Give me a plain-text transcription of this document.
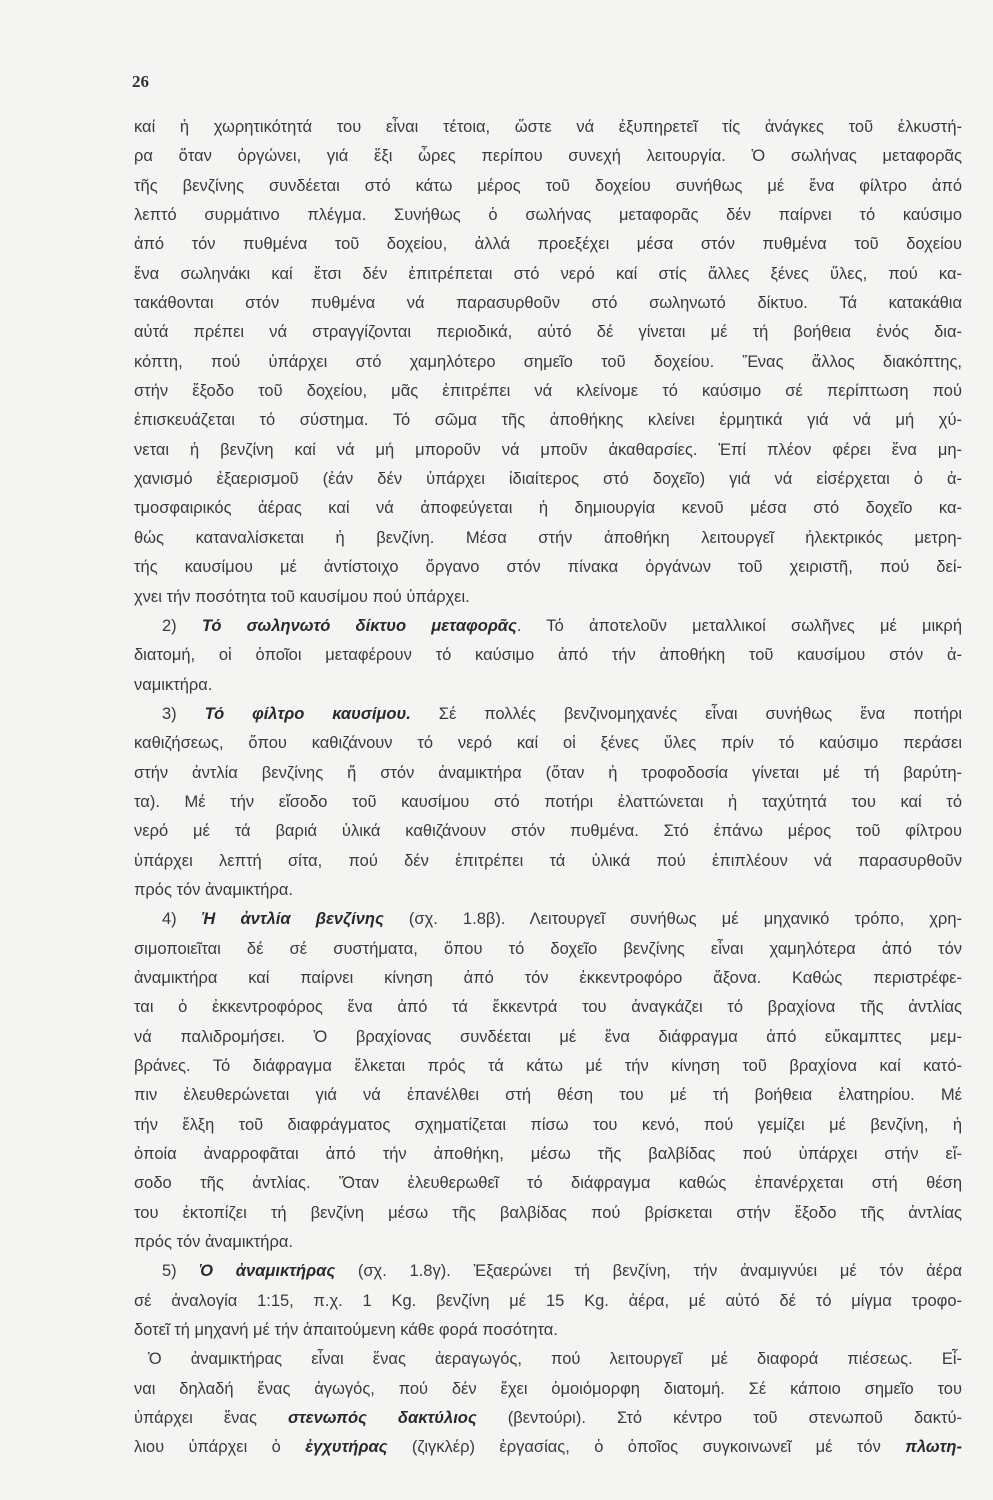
26
καί ἡ χωρητικότητά του εἶναι τέτοια, ὥστε νά ἐξυπηρετεῖ τίς ἀνάγκες τοῦ ἑλκυστή-
ρα ὅταν ὀργώνει, γιά ἕξι ὧρες περίπου συνεχή λειτουργία. Ὁ σωλήνας μεταφορᾶς
τῆς βενζίνης συνδέεται στό κάτω μέρος τοῦ δοχείου συνήθως μέ ἕνα φίλτρο ἀπό
λεπτό συρμάτινο πλέγμα. Συνήθως ὁ σωλήνας μεταφορᾶς δέν παίρνει τό καύσιμο
ἀπό τόν πυθμένα τοῦ δοχείου, ἀλλά προεξέχει μέσα στόν πυθμένα τοῦ δοχείου
ἕνα σωληνάκι καί ἔτσι δέν ἐπιτρέπεται στό νερό καί στίς ἄλλες ξένες ὕλες, πού κα-
τακάθονται στόν πυθμένα νά παρασυρθοῦν στό σωληνωτό δίκτυο. Τά κατακάθια
αὐτά πρέπει νά στραγγίζονται περιοδικά, αὐτό δέ γίνεται μέ τή βοήθεια ἑνός δια-
κόπτη, πού ὑπάρχει στό χαμηλότερο σημεῖο τοῦ δοχείου. Ἕνας ἄλλος διακόπτης,
στήν ἔξοδο τοῦ δοχείου, μᾶς ἐπιτρέπει νά κλείνομε τό καύσιμο σέ περίπτωση πού
ἐπισκευάζεται τό σύστημα. Τό σῶμα τῆς ἀποθήκης κλείνει ἑρμητικά γιά νά μή χύ-
νεται ἡ βενζίνη καί νά μή μποροῦν νά μποῦν ἀκαθαρσίες. Ἐπί πλέον φέρει ἕνα μη-
χανισμό ἐξαερισμοῦ (ἐάν δέν ὑπάρχει ἰδιαίτερος στό δοχεῖο) γιά νά εἰσέρχεται ὁ ἀ-
τμοσφαιρικός ἀέρας καί νά ἀποφεύγεται ἡ δημιουργία κενοῦ μέσα στό δοχεῖο κα-
θώς καταναλίσκεται ἡ βενζίνη. Μέσα στήν ἀποθήκη λειτουργεῖ ἠλεκτρικός μετρη-
τής καυσίμου μέ ἀντίστοιχο ὄργανο στόν πίνακα ὀργάνων τοῦ χειριστῆ, πού δεί-
χνει τήν ποσότητα τοῦ καυσίμου πού ὑπάρχει.
2) Τό σωληνωτό δίκτυο μεταφορᾶς. Τό ἀποτελοῦν μεταλλικοί σωλῆνες μέ μικρή
διατομή, οἱ ὁποῖοι μεταφέρουν τό καύσιμο ἀπό τήν ἀποθήκη τοῦ καυσίμου στόν ἀ-
ναμικτήρα.
3) Τό φίλτρο καυσίμου. Σέ πολλές βενζινομηχανές εἶναι συνήθως ἕνα ποτήρι
καθιζήσεως, ὅπου καθιζάνουν τό νερό καί οἱ ξένες ὕλες πρίν τό καύσιμο περάσει
στήν ἀντλία βενζίνης ἤ στόν ἀναμικτήρα (ὅταν ἡ τροφοδοσία γίνεται μέ τή βαρύτη-
τα). Μέ τήν εἴσοδο τοῦ καυσίμου στό ποτήρι ἐλαττώνεται ἡ ταχύτητά του καί τό
νερό μέ τά βαριά ὑλικά καθιζάνουν στόν πυθμένα. Στό ἐπάνω μέρος τοῦ φίλτρου
ὑπάρχει λεπτή σίτα, πού δέν ἐπιτρέπει τά ὑλικά πού ἐπιπλέουν νά παρασυρθοῦν
πρός τόν ἀναμικτήρα.
4) Ἡ ἀντλία βενζίνης (σχ. 1.8β). Λειτουργεῖ συνήθως μέ μηχανικό τρόπο, χρη-
σιμοποιεῖται δέ σέ συστήματα, ὅπου τό δοχεῖο βενζίνης εἶναι χαμηλότερα ἀπό τόν
ἀναμικτήρα καί παίρνει κίνηση ἀπό τόν ἐκκεντροφόρο ἄξονα. Καθώς περιστρέφε-
ται ὁ ἐκκεντροφόρος ἕνα ἀπό τά ἔκκεντρά του ἀναγκάζει τό βραχίονα τῆς ἀντλίας
νά παλιδρομήσει. Ὁ βραχίονας συνδέεται μέ ἕνα διάφραγμα ἀπό εὔκαμπτες μεμ-
βράνες. Τό διάφραγμα ἕλκεται πρός τά κάτω μέ τήν κίνηση τοῦ βραχίονα καί κατό-
πιν ἐλευθερώνεται γιά νά ἐπανέλθει στή θέση του μέ τή βοήθεια ἐλατηρίου. Μέ
τήν ἕλξη τοῦ διαφράγματος σχηματίζεται πίσω του κενό, πού γεμίζει μέ βενζίνη, ἡ
ὁποία ἀναρροφᾶται ἀπό τήν ἀποθήκη, μέσω τῆς βαλβίδας πού ὑπάρχει στήν εἴ-
σοδο τῆς ἀντλίας. Ὅταν ἐλευθερωθεῖ τό διάφραγμα καθώς ἐπανέρχεται στή θέση
του ἐκτοπίζει τή βενζίνη μέσω τῆς βαλβίδας πού βρίσκεται στήν ἔξοδο τῆς ἀντλίας
πρός τόν ἀναμικτήρα.
5) Ὁ ἀναμικτήρας (σχ. 1.8γ). Ἐξαερώνει τή βενζίνη, τήν ἀναμιγνύει μέ τόν ἀέρα
σέ ἀναλογία 1:15, π.χ. 1 Kg. βενζίνη μέ 15 Kg. ἀέρα, μέ αὐτό δέ τό μίγμα τροφο-
δοτεῖ τή μηχανή μέ τήν ἀπαιτούμενη κάθε φορά ποσότητα.
Ὁ ἀναμικτήρας εἶναι ἕνας ἀεραγωγός, πού λειτουργεῖ μέ διαφορά πιέσεως. Εἶ-
ναι δηλαδή ἕνας ἀγωγός, πού δέν ἔχει ὁμοιόμορφη διατομή. Σέ κάποιο σημεῖο του
ὑπάρχει ἕνας στενωπός δακτύλιος (βεντούρι). Στό κέντρο τοῦ στενωποῦ δακτύ-
λιου ὑπάρχει ὁ ἐγχυτήρας (ζιγκλέρ) ἐργασίας, ὁ ὁποῖος συγκοινωνεῖ μέ τόν πλωτη-
